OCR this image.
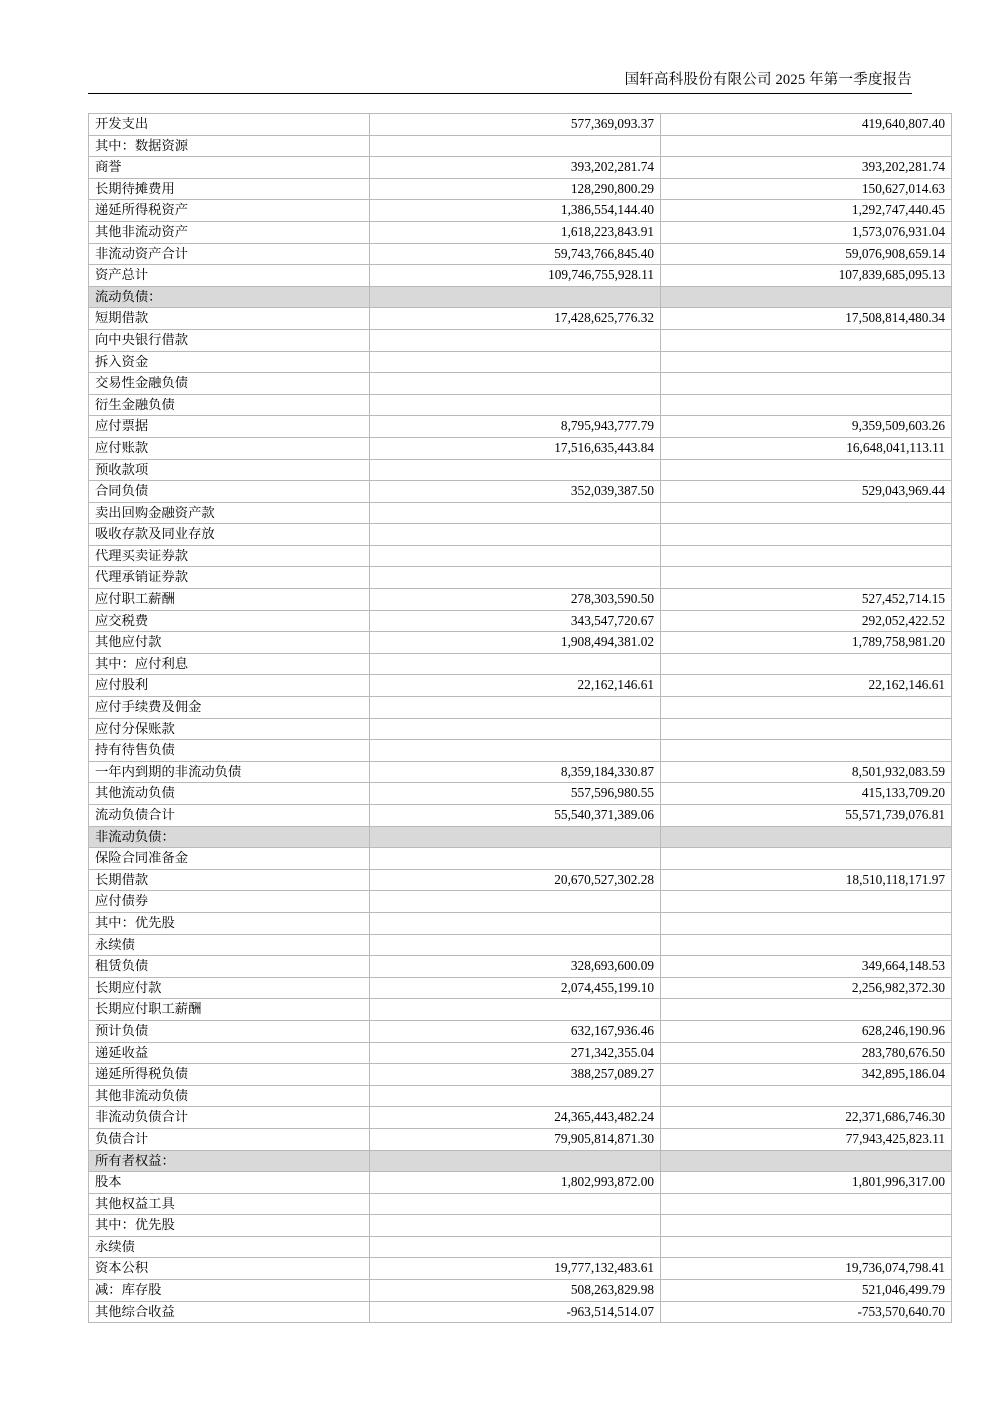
国轩高科股份有限公司 2025 年第一季度报告
开发支出	577,369,093.37	419,640,807.40
其中：数据资源		
商誉	393,202,281.74	393,202,281.74
长期待摊费用	128,290,800.29	150,627,014.63
递延所得税资产	1,386,554,144.40	1,292,747,440.45
其他非流动资产	1,618,223,843.91	1,573,076,931.04
非流动资产合计	59,743,766,845.40	59,076,908,659.14
资产总计	109,746,755,928.11	107,839,685,095.13
流动负债：		
短期借款	17,428,625,776.32	17,508,814,480.34
向中央银行借款		
拆入资金		
交易性金融负债		
衍生金融负债		
应付票据	8,795,943,777.79	9,359,509,603.26
应付账款	17,516,635,443.84	16,648,041,113.11
预收款项		
合同负债	352,039,387.50	529,043,969.44
卖出回购金融资产款		
吸收存款及同业存放		
代理买卖证券款		
代理承销证券款		
应付职工薪酬	278,303,590.50	527,452,714.15
应交税费	343,547,720.67	292,052,422.52
其他应付款	1,908,494,381.02	1,789,758,981.20
其中：应付利息		
应付股利	22,162,146.61	22,162,146.61
应付手续费及佣金		
应付分保账款		
持有待售负债		
一年内到期的非流动负债	8,359,184,330.87	8,501,932,083.59
其他流动负债	557,596,980.55	415,133,709.20
流动负债合计	55,540,371,389.06	55,571,739,076.81
非流动负债：		
保险合同准备金		
长期借款	20,670,527,302.28	18,510,118,171.97
应付债券		
其中：优先股		
永续债		
租赁负债	328,693,600.09	349,664,148.53
长期应付款	2,074,455,199.10	2,256,982,372.30
长期应付职工薪酬		
预计负债	632,167,936.46	628,246,190.96
递延收益	271,342,355.04	283,780,676.50
递延所得税负债	388,257,089.27	342,895,186.04
其他非流动负债		
非流动负债合计	24,365,443,482.24	22,371,686,746.30
负债合计	79,905,814,871.30	77,943,425,823.11
所有者权益：		
股本	1,802,993,872.00	1,801,996,317.00
其他权益工具		
其中：优先股		
永续债		
资本公积	19,777,132,483.61	19,736,074,798.41
减：库存股	508,263,829.98	521,046,499.79
其他综合收益	-963,514,514.07	-753,570,640.70
